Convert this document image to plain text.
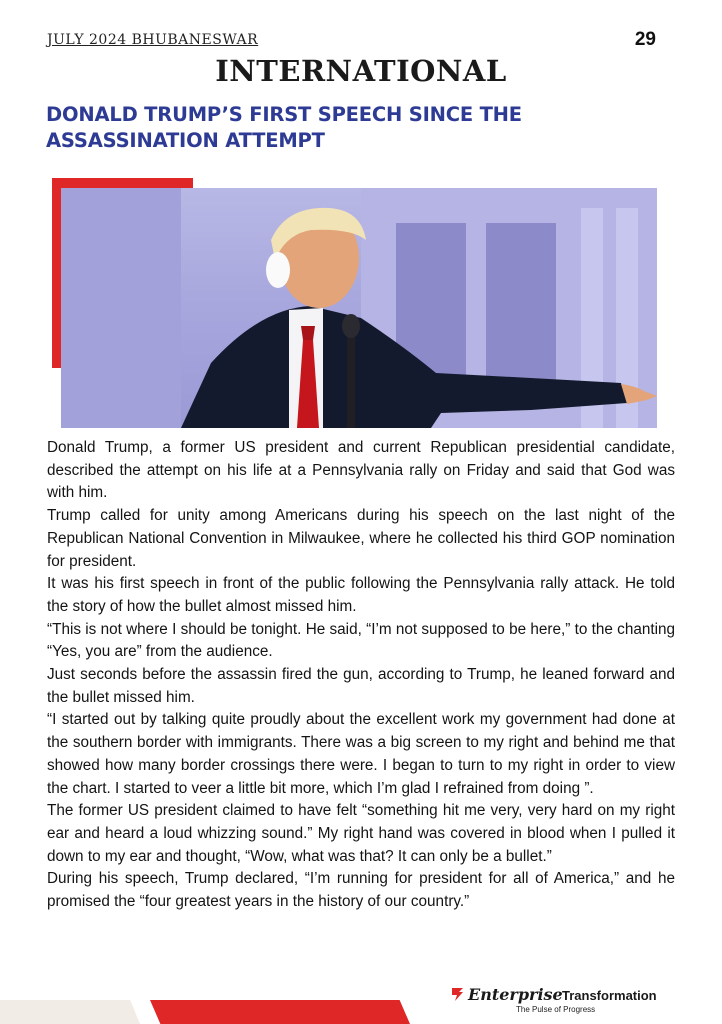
JULY 2024 BHUBANESWAR	29
INTERNATIONAL
DONALD TRUMP’S FIRST SPEECH SINCE THE ASSASSINATION ATTEMPT

Donald Trump, a former US president and current Republican presidential candidate, described the attempt on his life at a Pennsylvania rally on Friday and said that God was with him.

Trump called for unity among Americans during his speech on the last night of the Republican National Convention in Milwaukee, where he collected his third GOP nomination for president.

It was his first speech in front of the public following the Pennsylvania rally attack. He told the story of how the bullet almost missed him.

“This is not where I should be tonight. He said, “I’m not supposed to be here,” to the chanting “Yes, you are” from the audience.

Just seconds before the assassin fired the gun, according to Trump, he leaned forward and the bullet missed him.

“I started out by talking quite proudly about the excellent work my government had done at the southern border with immigrants. There was a big screen to my right and behind me that showed how many border crossings there were. I began to turn to my right in order to view the chart. I started to veer a little bit more, which I’m glad I refrained from doing ”.

The former US president claimed to have felt “something hit me very, very hard on my right ear and heard a loud whizzing sound.” My right hand was covered in blood when I pulled it down to my ear and thought, “Wow, what was that? It can only be a bullet.”

During his speech, Trump declared, “I’m running for president for all of America,” and he promised the “four greatest years in the history of our country.”

Enterprise Transformation
The Pulse of Progress
